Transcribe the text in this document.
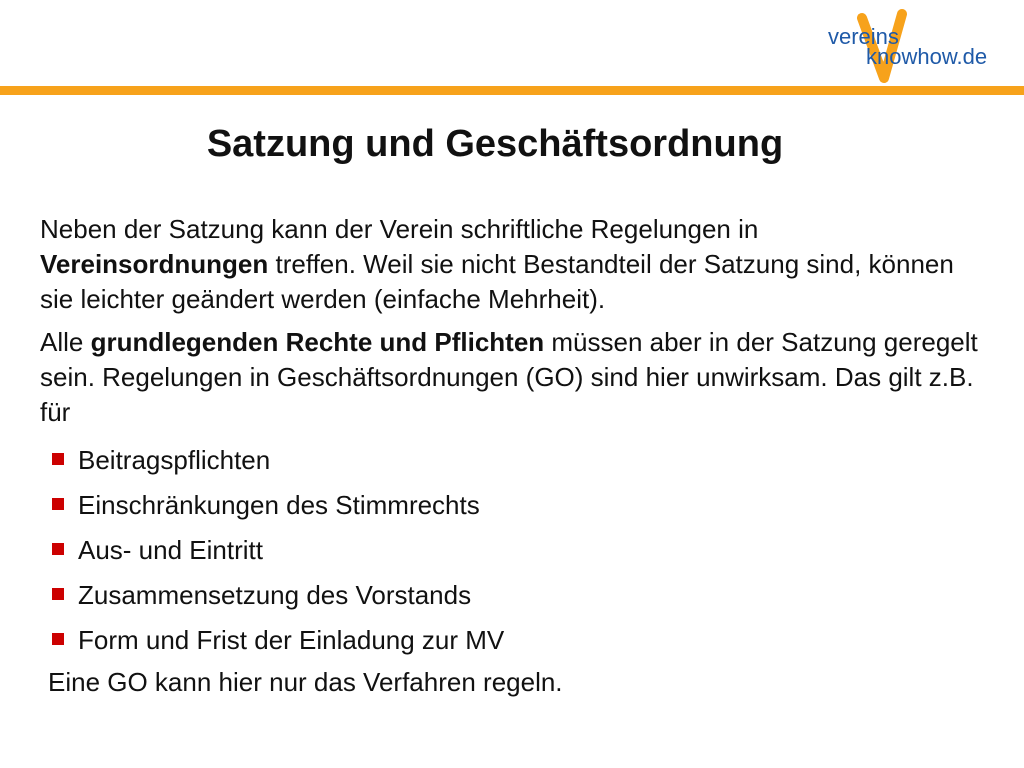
vereins
knowhow.de
Satzung und Geschäftsordnung

Neben der Satzung kann der Verein schriftliche Regelungen in Vereinsordnungen treffen. Weil sie nicht Bestandteil der Satzung sind, können sie leichter geändert werden (einfache Mehrheit).

Alle grundlegenden Rechte und Pflichten müssen aber in der Satzung geregelt sein. Regelungen in Geschäftsordnungen (GO) sind hier unwirksam. Das gilt z.B. für

Beitragspflichten
Einschränkungen des Stimmrechts
Aus- und Eintritt
Zusammensetzung des Vorstands
Form und Frist der Einladung zur MV

Eine GO kann hier nur das Verfahren regeln.
